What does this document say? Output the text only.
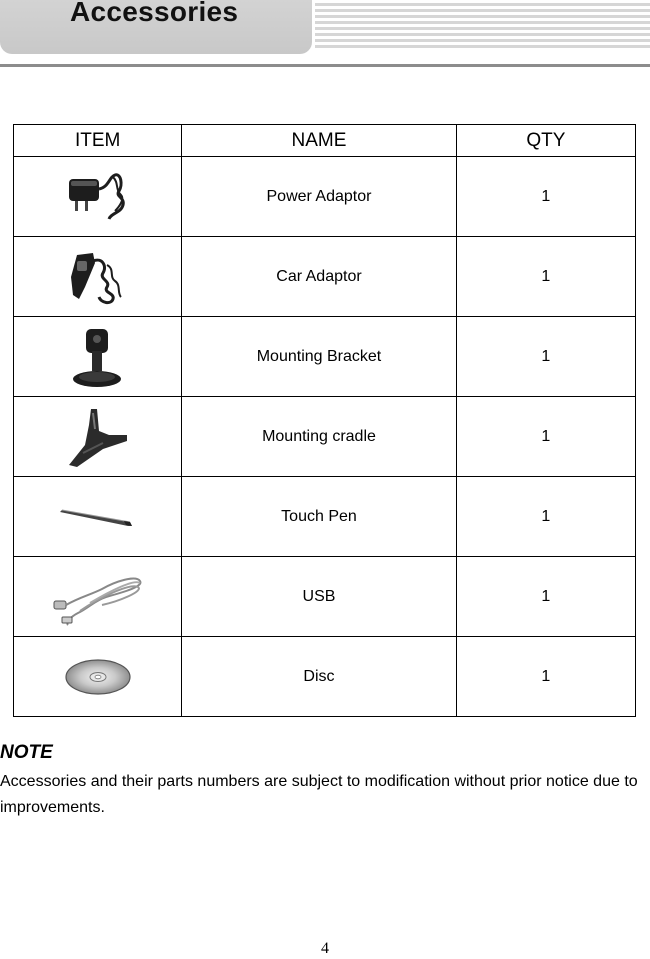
Accessories
ITEM	NAME	QTY

	Power Adaptor	1

	Car Adaptor	1

	Mounting Bracket	1

	Mounting cradle	1

	Touch Pen	1

	USB	1

	Disc	1
NOTE
Accessories and their parts numbers are subject to modification without prior notice due to improvements.
4
